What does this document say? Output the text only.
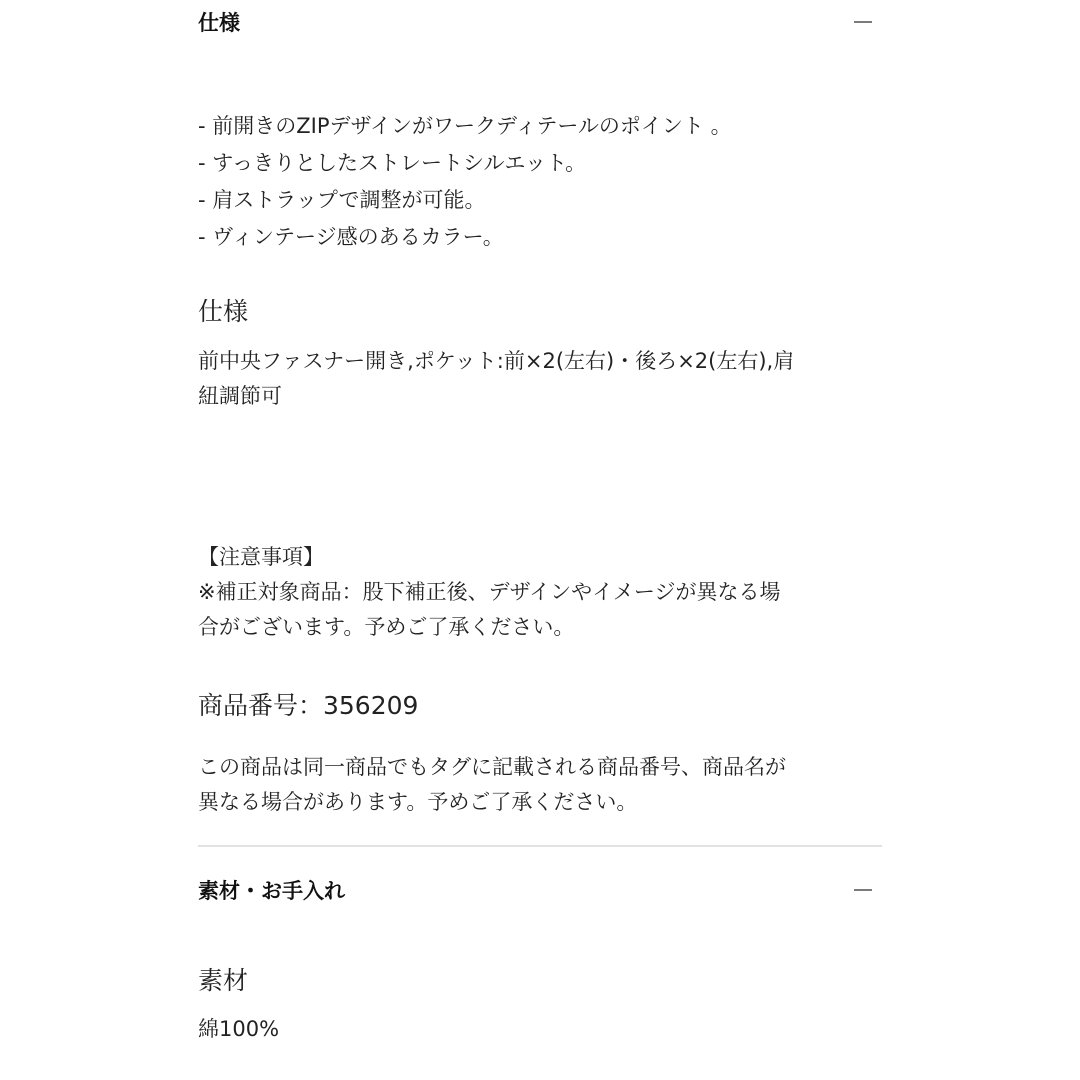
仕様
- 前開きのZIPデザインがワークディテールのポイント 。
- すっきりとしたストレートシルエット。
- 肩ストラップで調整が可能。
- ヴィンテージ感のあるカラー。
仕様

前中央ファスナー開き,ポケット:前×2(左右)・後ろ×2(左右),肩
紐調節可

【注意事項】
※補正対象商品：股下補正後、デザインやイメージが異なる場
合がございます。予めご了承ください。

商品番号：356209

この商品は同一商品でもタグに記載される商品番号、商品名が
異なる場合があります。予めご了承ください。

素材・お手入れ
素材

綿100%
